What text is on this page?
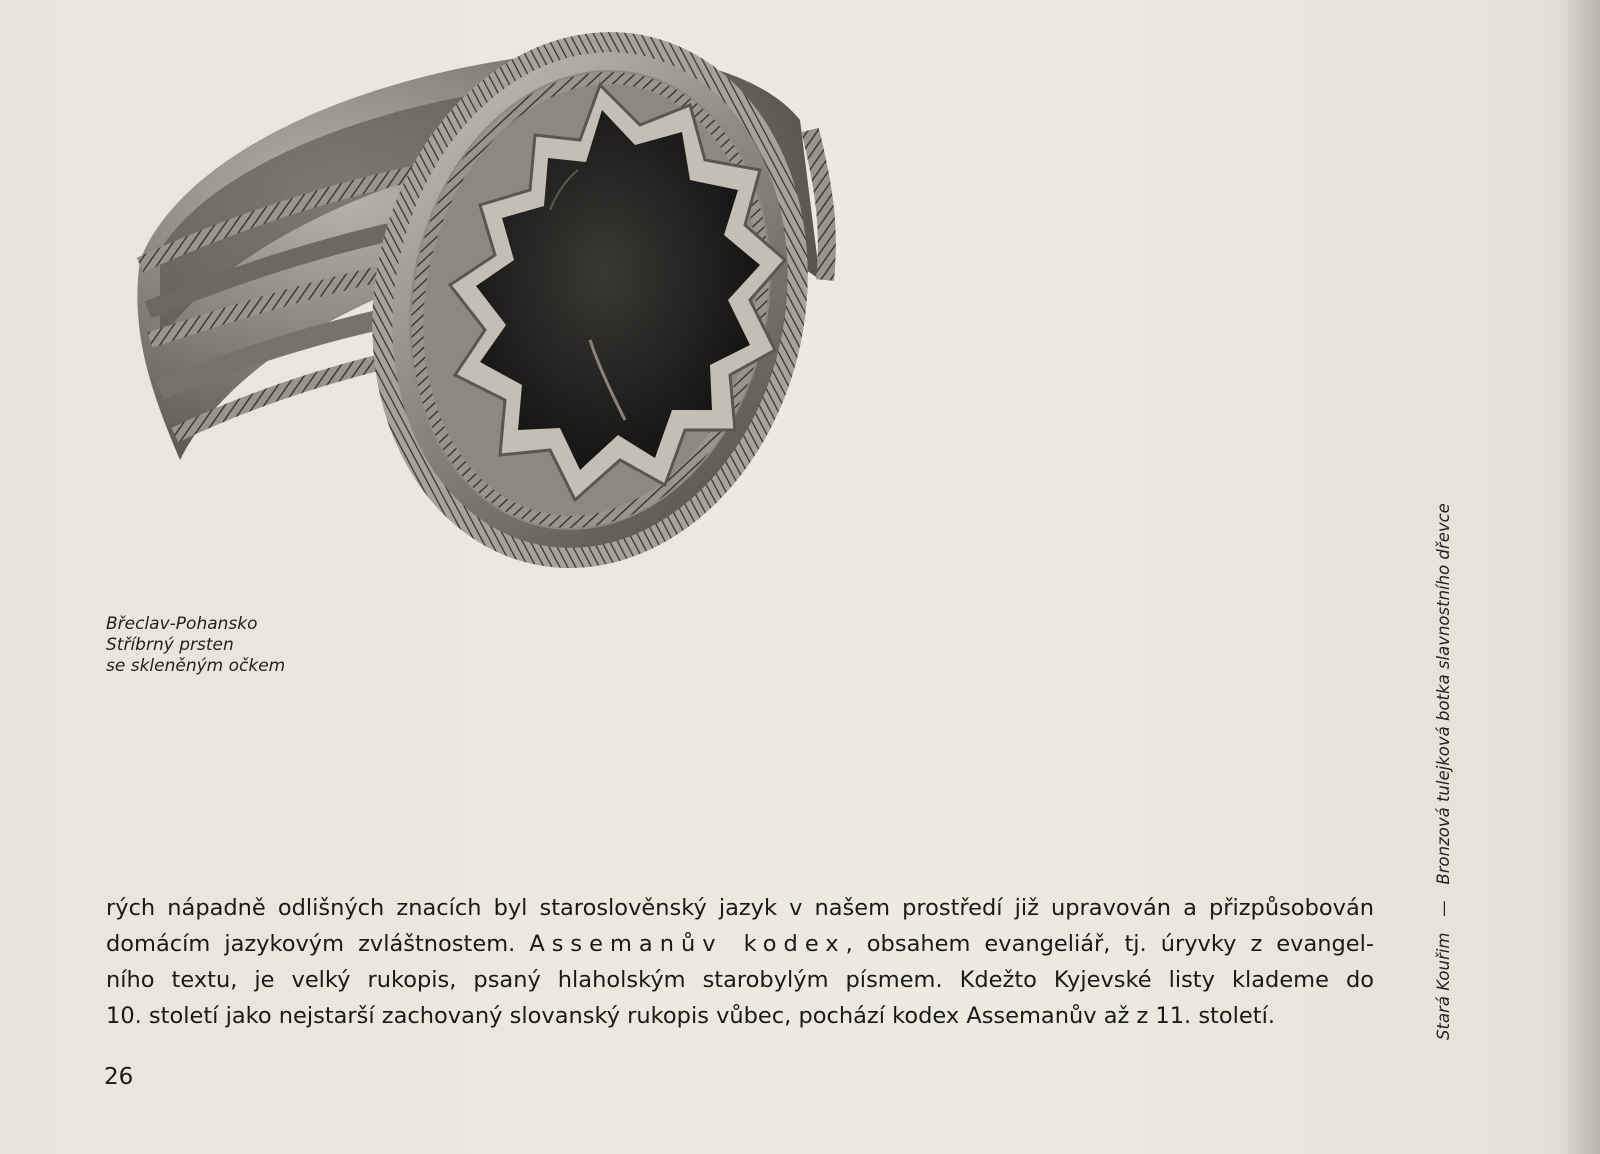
Břeclav-Pohansko
Stříbrný prsten
se skleněným očkem
rých nápadně odlišných znacích byl staroslověnský jazyk v našem prostředí již upravován a přizpůsobován
domácím jazykovým zvláštnostem. Assemanův kodex, obsahem evangeliář, tj. úryvky z evangel-
ního textu, je velký rukopis, psaný hlaholským starobylým písmem. Kdežto Kyjevské listy klademe do
10. století jako nejstarší zachovaný slovanský rukopis vůbec, pochází kodex Assemanův až z 11. století.
26
Stará Kouřim   —   Bronzová tulejková botka slavnostního dřevce
